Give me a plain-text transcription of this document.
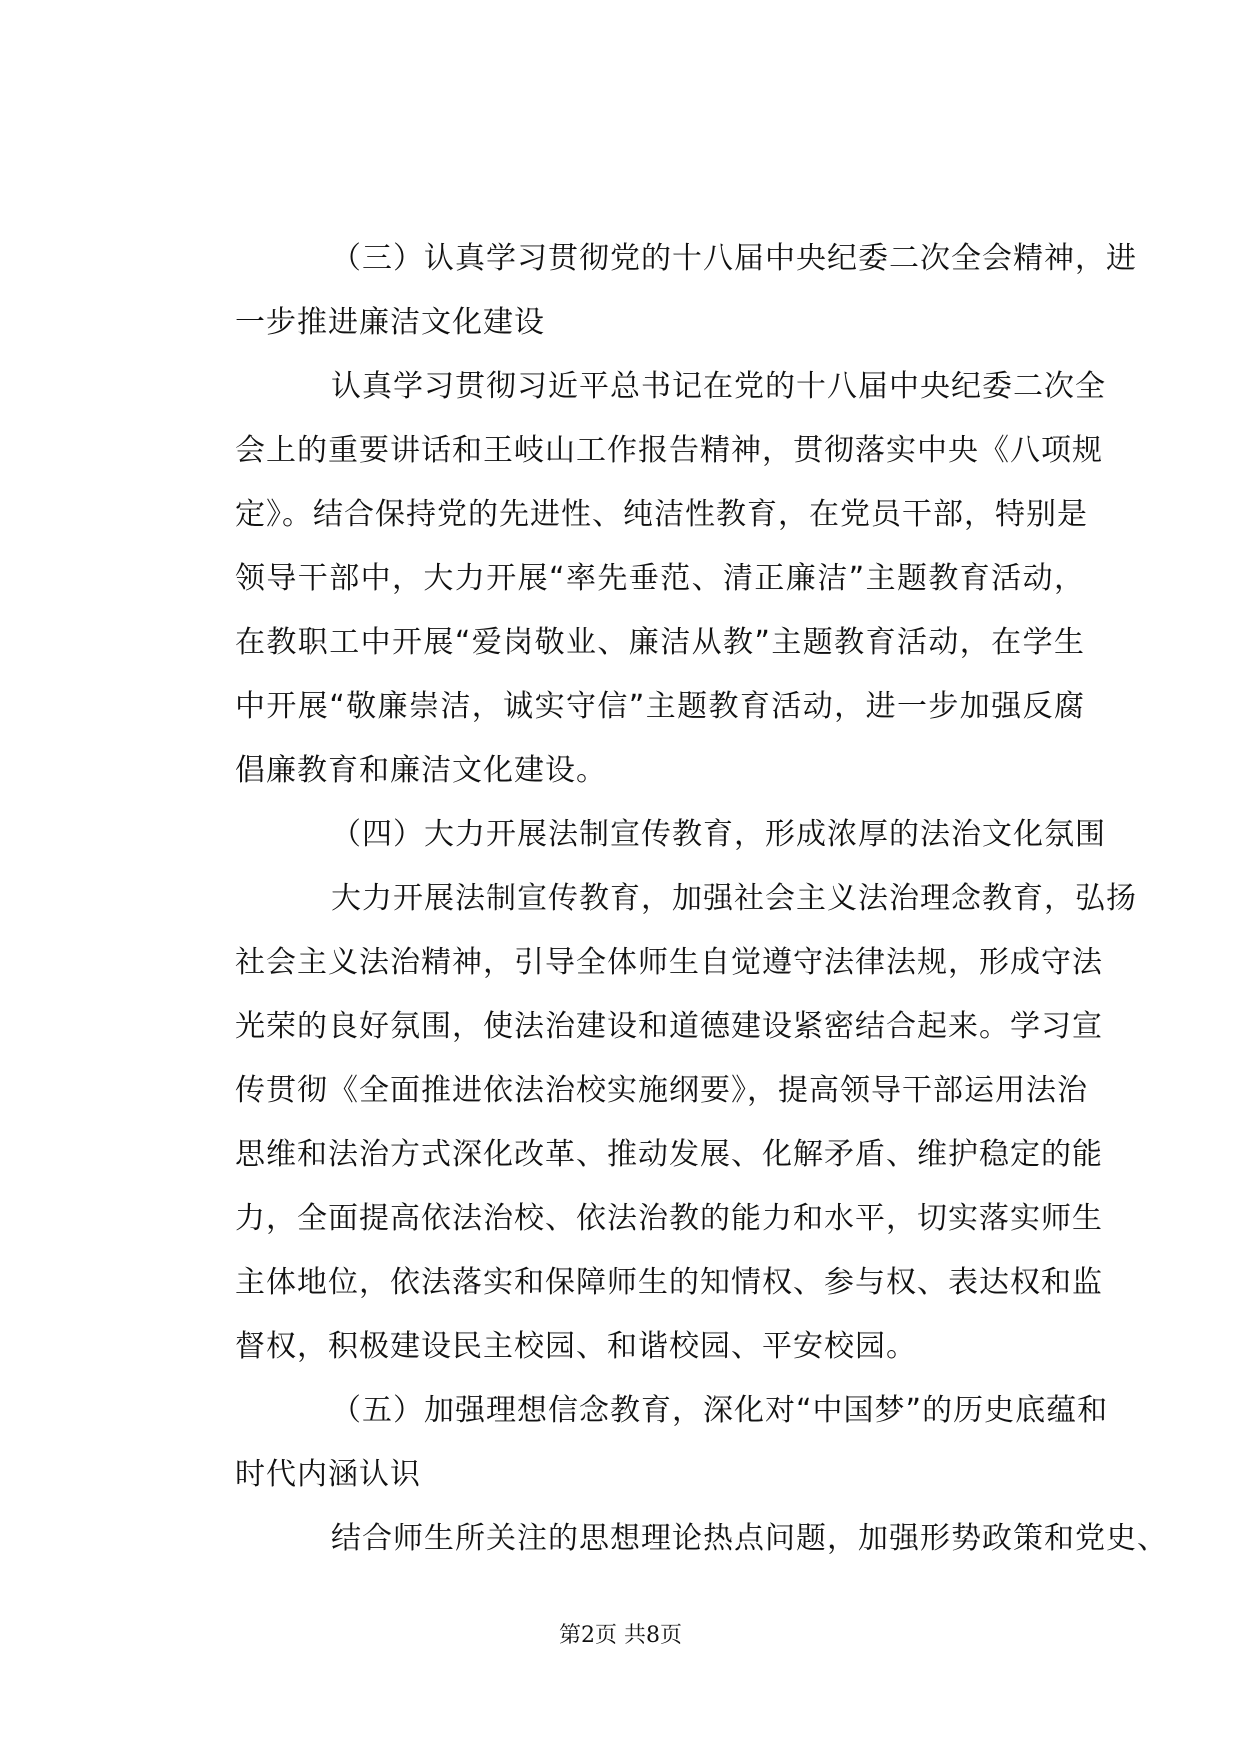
（三）认真学习贯彻党的十八届中央纪委二次全会精神，进
一步推进廉洁文化建设
认真学习贯彻习近平总书记在党的十八届中央纪委二次全
会上的重要讲话和王岐山工作报告精神，贯彻落实中央《八项规
定》。结合保持党的先进性、纯洁性教育，在党员干部，特别是
领导干部中，大力开展“率先垂范、清正廉洁”主题教育活动，
在教职工中开展“爱岗敬业、廉洁从教”主题教育活动，在学生
中开展“敬廉崇洁，诚实守信”主题教育活动，进一步加强反腐
倡廉教育和廉洁文化建设。
（四）大力开展法制宣传教育，形成浓厚的法治文化氛围
大力开展法制宣传教育，加强社会主义法治理念教育，弘扬
社会主义法治精神，引导全体师生自觉遵守法律法规，形成守法
光荣的良好氛围，使法治建设和道德建设紧密结合起来。学习宣
传贯彻《全面推进依法治校实施纲要》，提高领导干部运用法治
思维和法治方式深化改革、推动发展、化解矛盾、维护稳定的能
力，全面提高依法治校、依法治教的能力和水平，切实落实师生
主体地位，依法落实和保障师生的知情权、参与权、表达权和监
督权，积极建设民主校园、和谐校园、平安校园。
（五）加强理想信念教育，深化对“中国梦”的历史底蕴和
时代内涵认识
结合师生所关注的思想理论热点问题，加强形势政策和党史、
第2页 共8页
